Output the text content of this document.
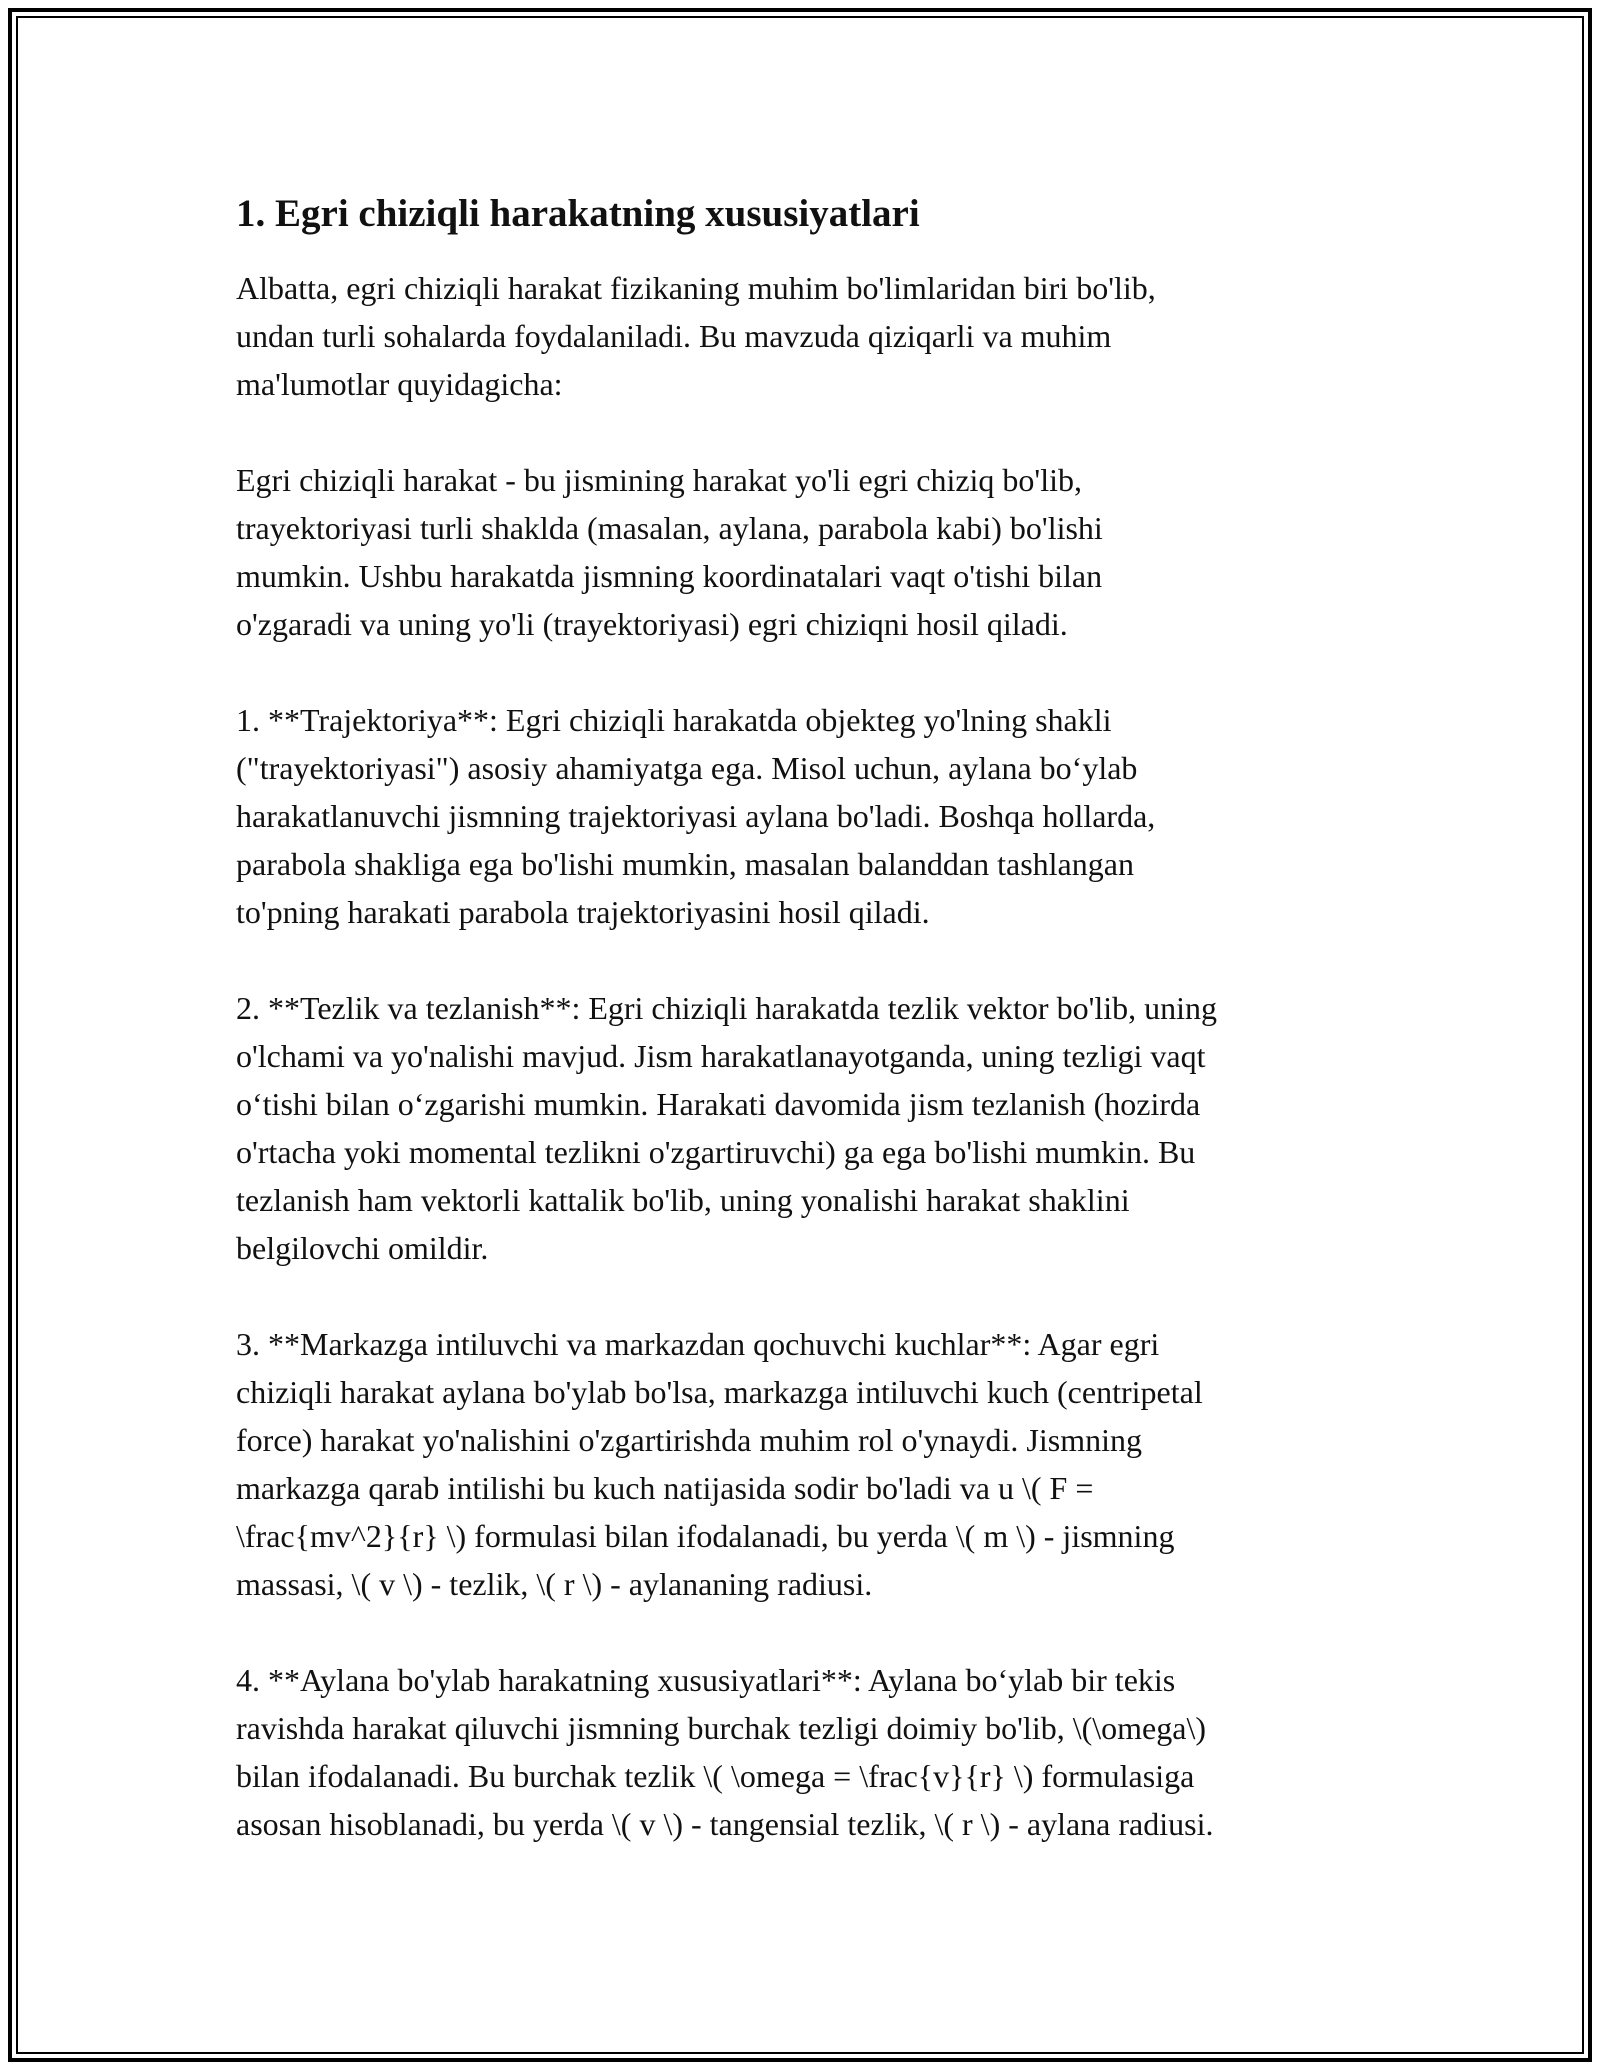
1. Egri chiziqli harakatning xususiyatlari

Albatta, egri chiziqli harakat fizikaning muhim bo'limlaridan biri bo'lib,
undan turli sohalarda foydalaniladi. Bu mavzuda qiziqarli va muhim
ma'lumotlar quyidagicha:

Egri chiziqli harakat - bu jismining harakat yo'li egri chiziq bo'lib,
trayektoriyasi turli shaklda (masalan, aylana, parabola kabi) bo'lishi
mumkin. Ushbu harakatda jismning koordinatalari vaqt o'tishi bilan
o'zgaradi va uning yo'li (trayektoriyasi) egri chiziqni hosil qiladi.

1. **Trajektoriya**: Egri chiziqli harakatda objekteg yo'lning shakli
("trayektoriyasi") asosiy ahamiyatga ega. Misol uchun, aylana bo‘ylab
harakatlanuvchi jismning trajektoriyasi aylana bo'ladi. Boshqa hollarda,
parabola shakliga ega bo'lishi mumkin, masalan balanddan tashlangan
to'pning harakati parabola trajektoriyasini hosil qiladi.

2. **Tezlik va tezlanish**: Egri chiziqli harakatda tezlik vektor bo'lib, uning
o'lchami va yo'nalishi mavjud. Jism harakatlanayotganda, uning tezligi vaqt
o‘tishi bilan o‘zgarishi mumkin. Harakati davomida jism tezlanish (hozirda
o'rtacha yoki momental tezlikni o'zgartiruvchi) ga ega bo'lishi mumkin. Bu
tezlanish ham vektorli kattalik bo'lib, uning yonalishi harakat shaklini
belgilovchi omildir.

3. **Markazga intiluvchi va markazdan qochuvchi kuchlar**: Agar egri
chiziqli harakat aylana bo'ylab bo'lsa, markazga intiluvchi kuch (centripetal
force) harakat yo'nalishini o'zgartirishda muhim rol o'ynaydi. Jismning
markazga qarab intilishi bu kuch natijasida sodir bo'ladi va u \( F =
\frac{mv^2}{r} \) formulasi bilan ifodalanadi, bu yerda \( m \) - jismning
massasi, \( v \) - tezlik, \( r \) - aylananing radiusi.

4. **Aylana bo'ylab harakatning xususiyatlari**: Aylana bo‘ylab bir tekis
ravishda harakat qiluvchi jismning burchak tezligi doimiy bo'lib, \(\omega\)
bilan ifodalanadi. Bu burchak tezlik \( \omega = \frac{v}{r} \) formulasiga
asosan hisoblanadi, bu yerda \( v \) - tangensial tezlik, \( r \) - aylana radiusi.
